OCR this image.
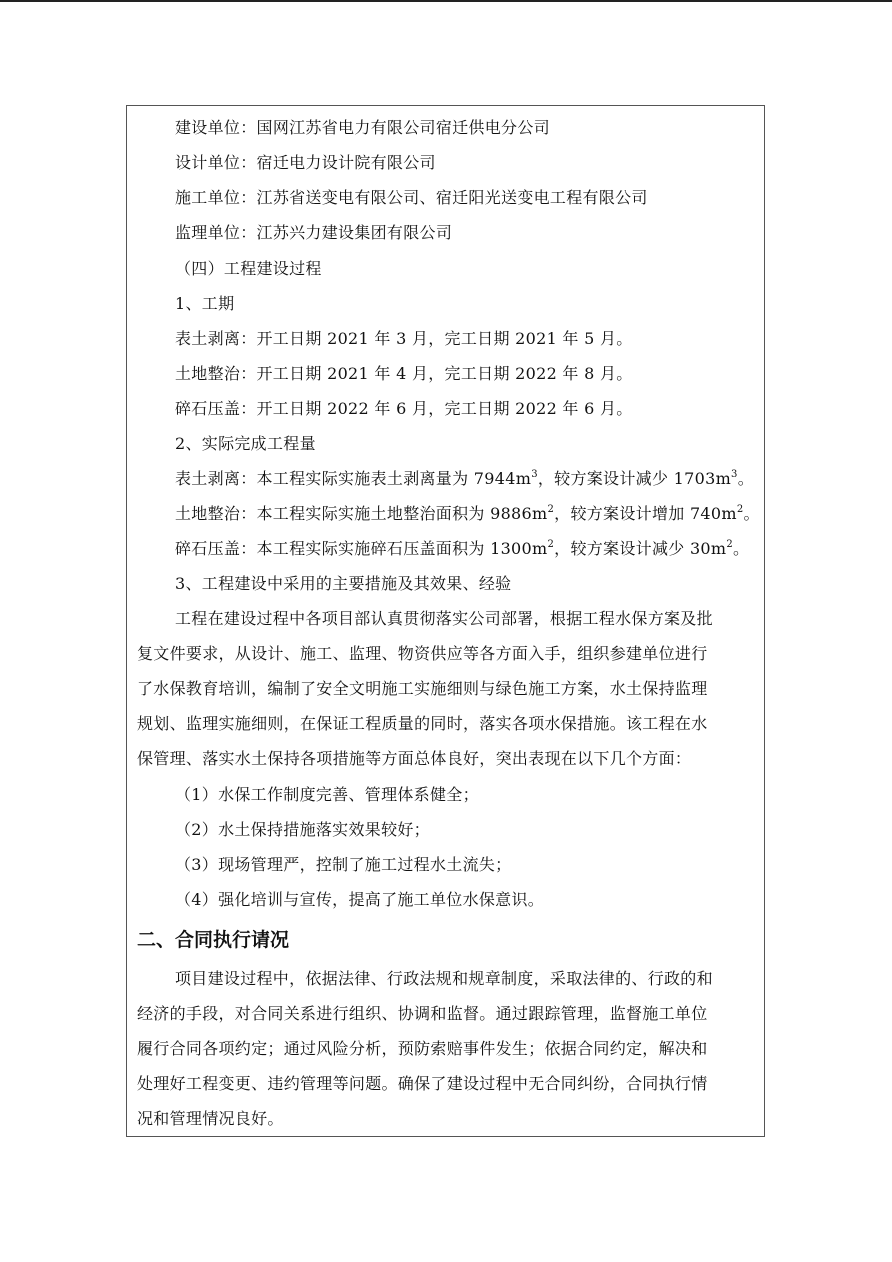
建设单位：国网江苏省电力有限公司宿迁供电分公司
设计单位：宿迁电力设计院有限公司
施工单位：江苏省送变电有限公司、宿迁阳光送变电工程有限公司
监理单位：江苏兴力建设集团有限公司
（四）工程建设过程
1、工期
表土剥离：开工日期 2021 年 3 月，完工日期 2021 年 5 月。
土地整治：开工日期 2021 年 4 月，完工日期 2022 年 8 月。
碎石压盖：开工日期 2022 年 6 月，完工日期 2022 年 6 月。
2、实际完成工程量
表土剥离：本工程实际实施表土剥离量为 $7944m^3$，较方案设计减少 $1703m^3$。
土地整治：本工程实际实施土地整治面积为 $9886m^2$，较方案设计增加 $740m^2$。
碎石压盖：本工程实际实施碎石压盖面积为 $1300m^2$，较方案设计减少 $30m^2$。
3、工程建设中采用的主要措施及其效果、经验
工程在建设过程中各项目部认真贯彻落实公司部署，根据工程水保方案及批
复文件要求，从设计、施工、监理、物资供应等各方面入手，组织参建单位进行
了水保教育培训，编制了安全文明施工实施细则与绿色施工方案，水土保持监理
规划、监理实施细则，在保证工程质量的同时，落实各项水保措施。该工程在水
保管理、落实水土保持各项措施等方面总体良好，突出表现在以下几个方面：
（1）水保工作制度完善、管理体系健全；
（2）水土保持措施落实效果较好；
（3）现场管理严，控制了施工过程水土流失；
（4）强化培训与宣传，提高了施工单位水保意识。
二、合同执行请况
项目建设过程中，依据法律、行政法规和规章制度，采取法律的、行政的和
经济的手段，对合同关系进行组织、协调和监督。通过跟踪管理，监督施工单位
履行合同各项约定；通过风险分析，预防索赔事件发生；依据合同约定，解决和
处理好工程变更、违约管理等问题。确保了建设过程中无合同纠纷，合同执行情
况和管理情况良好。
